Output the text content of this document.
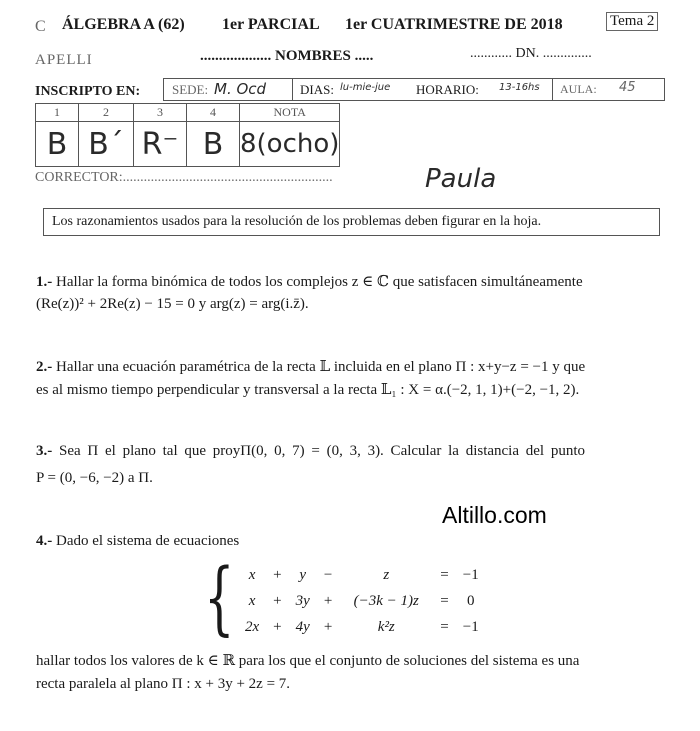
C ÁLGEBRA A (62) 1er PARCIAL 1er CUATRIMESTRE DE 2018	Tema 2
APELLI	................... NOMBRES .....	............ DN. ..............
INSCRIPTO EN: SEDE: M. Ocd	DIAS: lu-mie-jue HORARIO: 13-16hs AULA: 45
1	2	3	4	NOTA
B	B´	R⁻	B	8(ocho)
CORRECTOR:............................................................	Paula
Los razonamientos usados para la resolución de los problemas deben figurar en la hoja.
1.- Hallar la forma binómica de todos los complejos z ∈ ℂ que satisfacen simultáneamente
(Re(z))² + 2Re(z) − 15 = 0 y arg(z) = arg(i.z̄).
2.- Hallar una ecuación paramétrica de la recta 𝕃 incluida en el plano Π : x+y−z = −1 y que
es al mismo tiempo perpendicular y transversal a la recta 𝕃₁ : X = α.(−2, 1, 1)+(−2, −1, 2).
3.- Sea Π el plano tal que proyΠ(0, 0, 7) = (0, 3, 3). Calcular la distancia del punto
P = (0, −6, −2) a Π.
Altillo.com
4.- Dado el sistema de ecuaciones
{ x	+	y	−	z	=	−1
x	+	3y	+	(−3k − 1)z	=	0
2x	+	4y	+	k²z	=	−1
hallar todos los valores de k ∈ ℝ para los que el conjunto de soluciones del sistema es una
recta paralela al plano Π : x + 3y + 2z = 7.
